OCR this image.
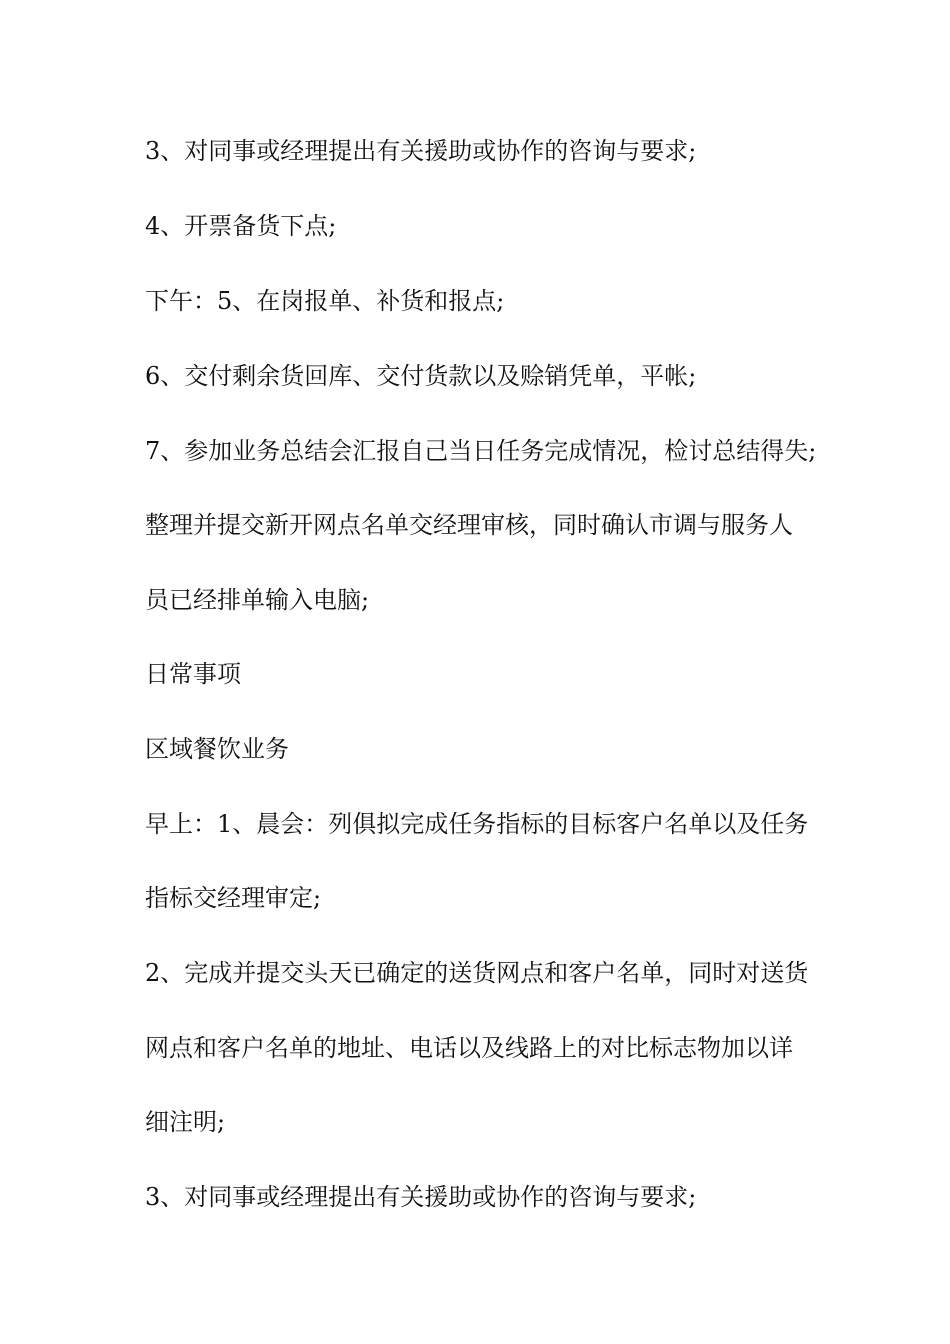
3、对同事或经理提出有关援助或协作的咨询与要求;
4、开票备货下点;
下午：5、在岗报单、补货和报点;
6、交付剩余货回库、交付货款以及赊销凭单，平帐;
7、参加业务总结会汇报自己当日任务完成情况，检讨总结得失;
整理并提交新开网点名单交经理审核，同时确认市调与服务人
员已经排单输入电脑;
日常事项
区域餐饮业务
早上：1、晨会：列俱拟完成任务指标的目标客户名单以及任务
指标交经理审定;
2、完成并提交头天已确定的送货网点和客户名单，同时对送货
网点和客户名单的地址、电话以及线路上的对比标志物加以详
细注明;
3、对同事或经理提出有关援助或协作的咨询与要求;
